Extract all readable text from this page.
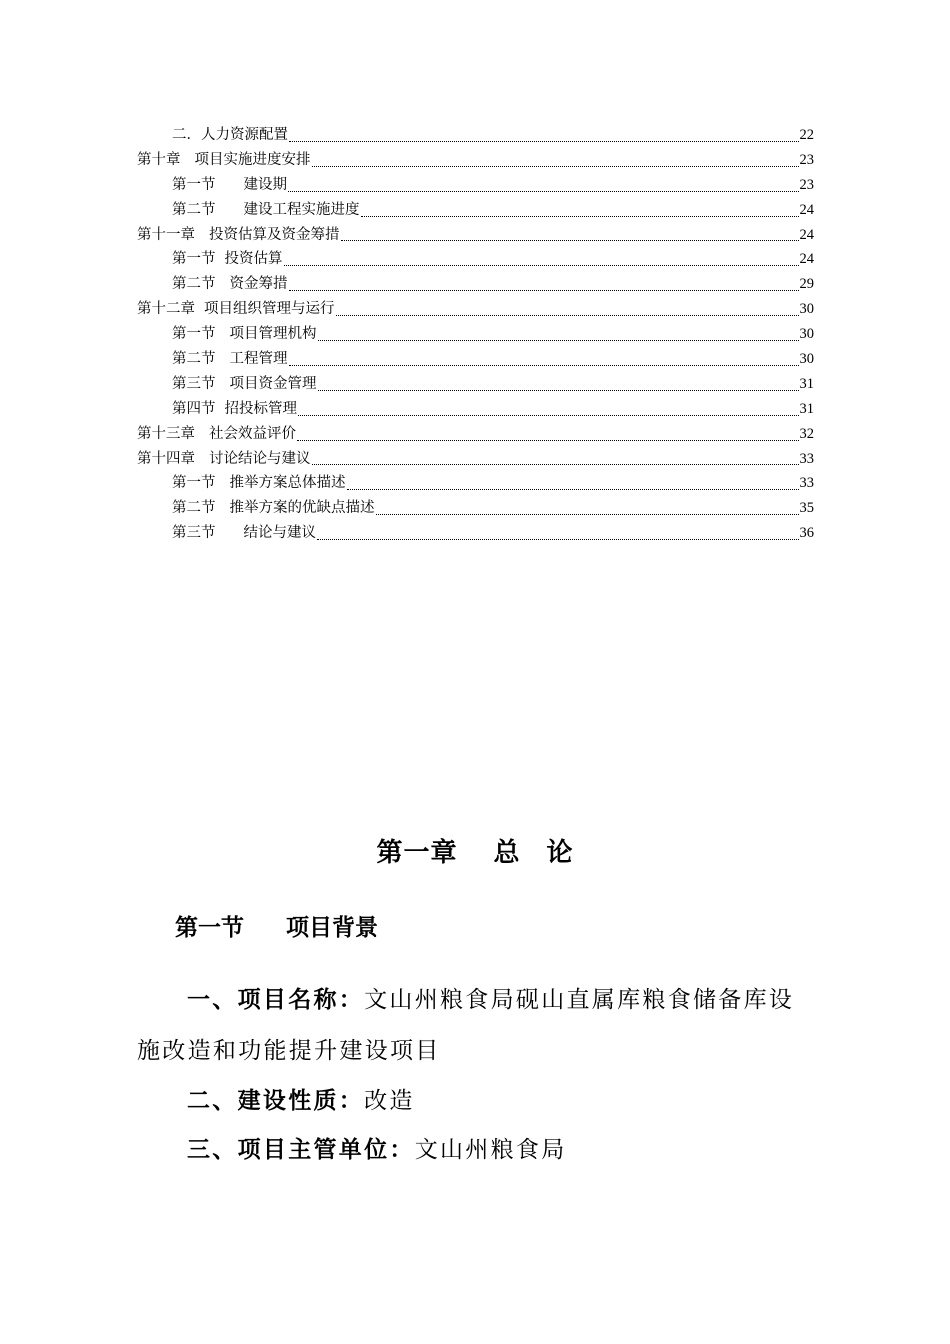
二． 人力资源配置	22
第十章 项目实施进度安排	23
第一节 建设期	23
第二节 建设工程实施进度	24
第十一章 投资估算及资金筹措	24
第一节 投资估算	24
第二节 资金筹措	29
第十二章 项目组织管理与运行	30
第一节 项目管理机构	30
第二节 工程管理	30
第三节 项目资金管理	31
第四节 招投标管理	31
第十三章 社会效益评价	32
第十四章 讨论结论与建议	33
第一节 推举方案总体描述	33
第二节 推举方案的优缺点描述	35
第三节 结论与建议	36
第一章 总 论
第一节 项目背景
一、项目名称：文山州粮食局砚山直属库粮食储备库设施改造和功能提升建设项目
二、建设性质：改造
三、项目主管单位：文山州粮食局
